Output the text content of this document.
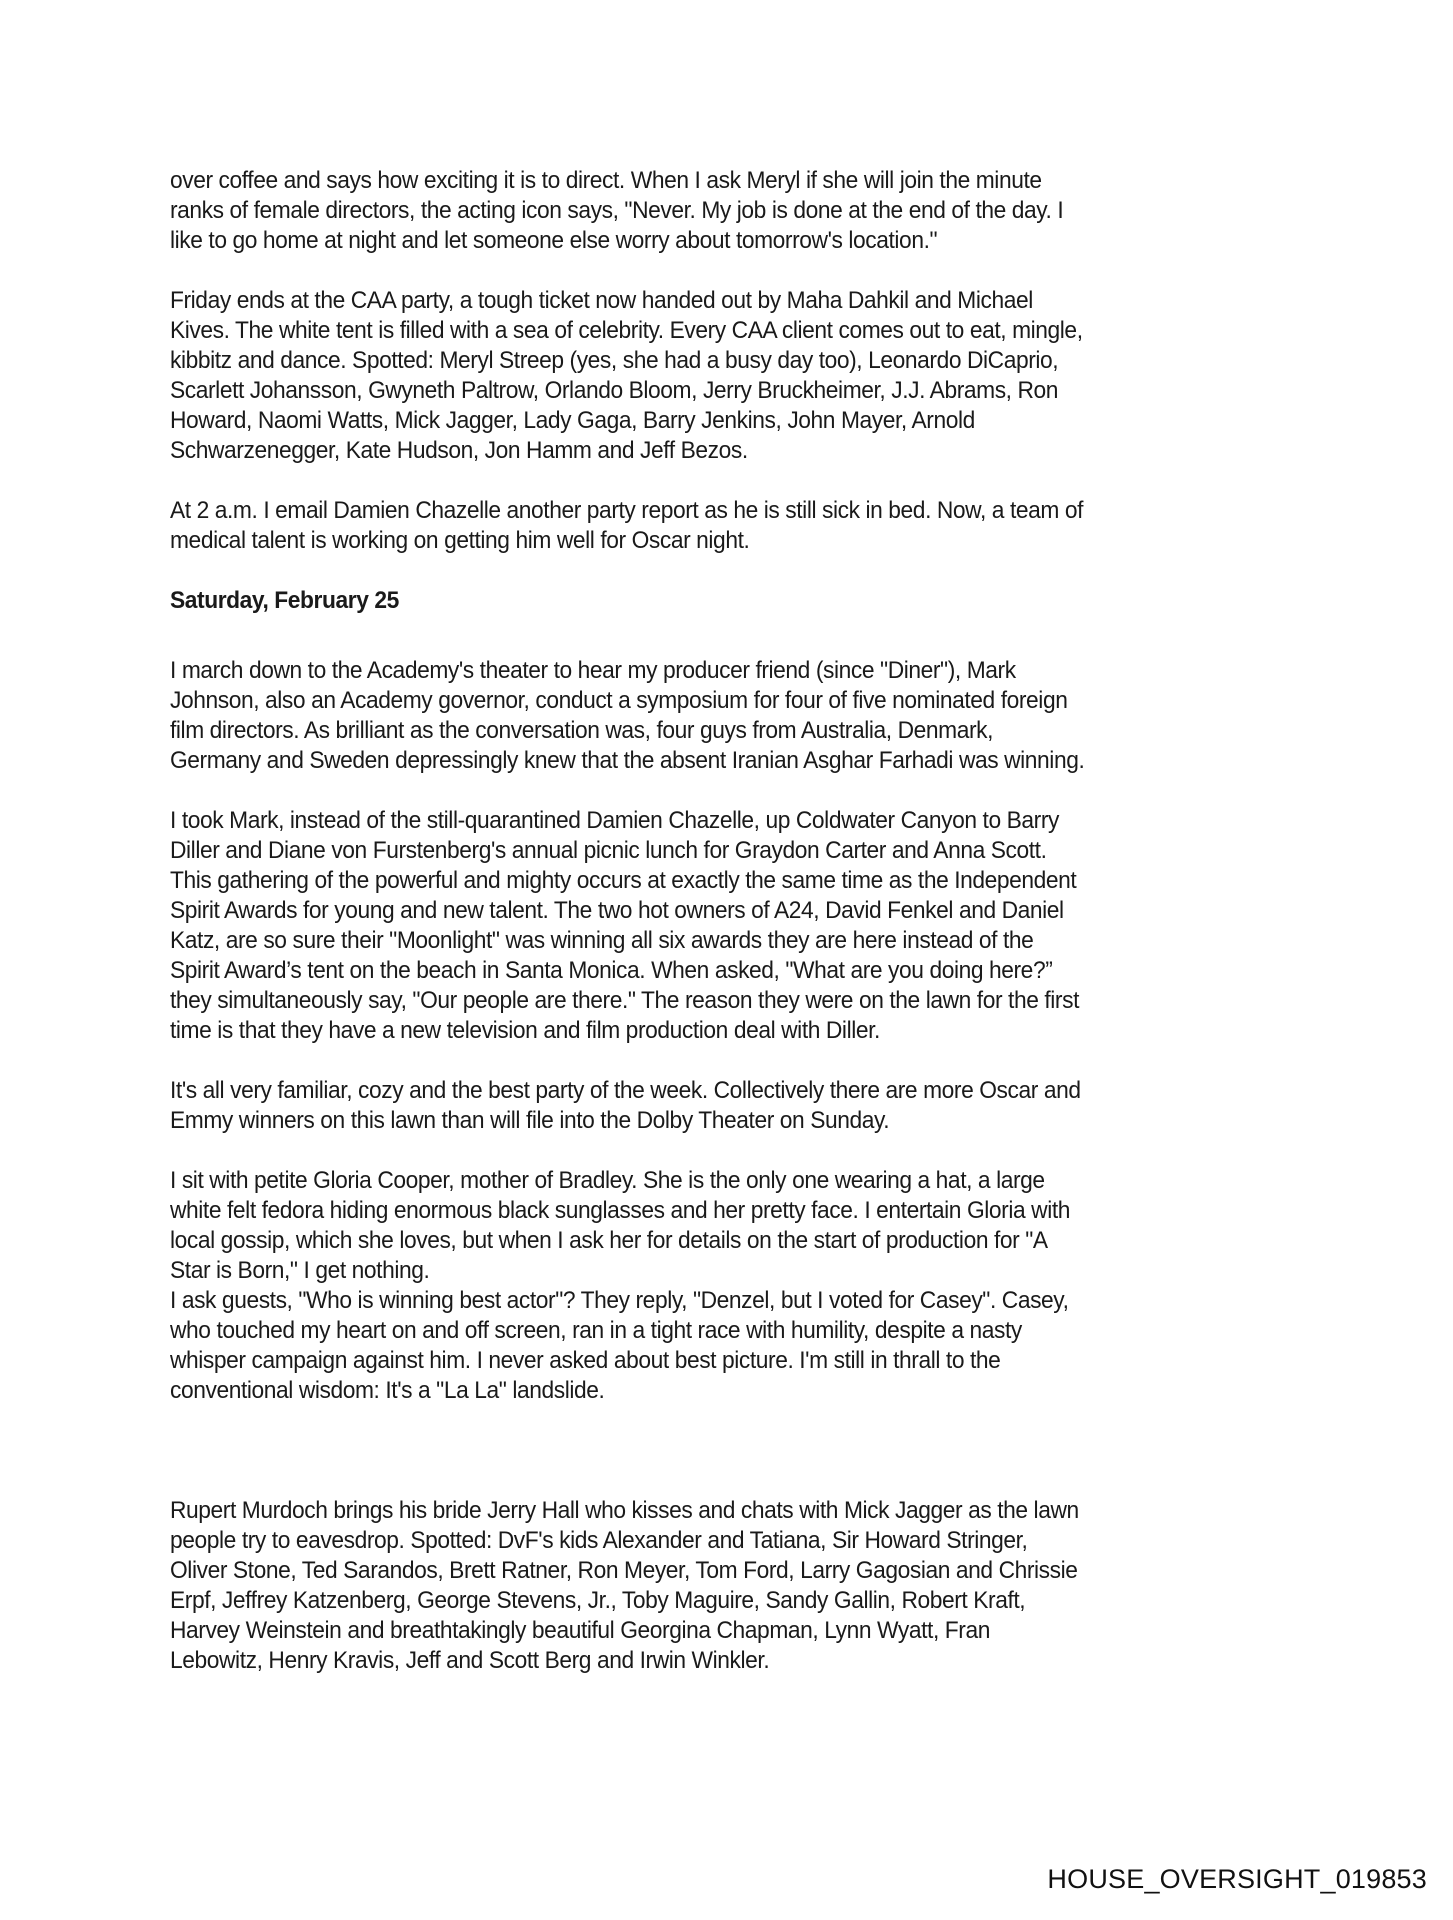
over coffee and says how exciting it is to direct. When I ask Meryl if she will join the minute
ranks of female directors, the acting icon says, "Never. My job is done at the end of the day. I
like to go home at night and let someone else worry about tomorrow's location."

Friday ends at the CAA party, a tough ticket now handed out by Maha Dahkil and Michael
Kives. The white tent is filled with a sea of celebrity. Every CAA client comes out to eat, mingle,
kibbitz and dance. Spotted: Meryl Streep (yes, she had a busy day too), Leonardo DiCaprio,
Scarlett Johansson, Gwyneth Paltrow, Orlando Bloom, Jerry Bruckheimer, J.J. Abrams, Ron
Howard, Naomi Watts, Mick Jagger, Lady Gaga, Barry Jenkins, John Mayer, Arnold
Schwarzenegger, Kate Hudson, Jon Hamm and Jeff Bezos.

At 2 a.m. I email Damien Chazelle another party report as he is still sick in bed. Now, a team of
medical talent is working on getting him well for Oscar night.

Saturday, February 25

I march down to the Academy's theater to hear my producer friend (since "Diner"), Mark
Johnson, also an Academy governor, conduct a symposium for four of five nominated foreign
film directors. As brilliant as the conversation was, four guys from Australia, Denmark,
Germany and Sweden depressingly knew that the absent Iranian Asghar Farhadi was winning.

I took Mark, instead of the still-quarantined Damien Chazelle, up Coldwater Canyon to Barry
Diller and Diane von Furstenberg's annual picnic lunch for Graydon Carter and Anna Scott.
This gathering of the powerful and mighty occurs at exactly the same time as the Independent
Spirit Awards for young and new talent. The two hot owners of A24, David Fenkel and Daniel
Katz, are so sure their "Moonlight" was winning all six awards they are here instead of the
Spirit Award’s tent on the beach in Santa Monica. When asked, "What are you doing here?”
they simultaneously say, "Our people are there." The reason they were on the lawn for the first
time is that they have a new television and film production deal with Diller.

It's all very familiar, cozy and the best party of the week. Collectively there are more Oscar and
Emmy winners on this lawn than will file into the Dolby Theater on Sunday.

I sit with petite Gloria Cooper, mother of Bradley. She is the only one wearing a hat, a large
white felt fedora hiding enormous black sunglasses and her pretty face. I entertain Gloria with
local gossip, which she loves, but when I ask her for details on the start of production for "A
Star is Born," I get nothing.

I ask guests, "Who is winning best actor"? They reply, "Denzel, but I voted for Casey". Casey,
who touched my heart on and off screen, ran in a tight race with humility, despite a nasty
whisper campaign against him. I never asked about best picture. I'm still in thrall to the
conventional wisdom: It's a "La La" landslide.

Rupert Murdoch brings his bride Jerry Hall who kisses and chats with Mick Jagger as the lawn
people try to eavesdrop. Spotted: DvF's kids Alexander and Tatiana, Sir Howard Stringer,
Oliver Stone, Ted Sarandos, Brett Ratner, Ron Meyer, Tom Ford, Larry Gagosian and Chrissie
Erpf, Jeffrey Katzenberg, George Stevens, Jr., Toby Maguire, Sandy Gallin, Robert Kraft,
Harvey Weinstein and breathtakingly beautiful Georgina Chapman, Lynn Wyatt, Fran
Lebowitz, Henry Kravis, Jeff and Scott Berg and Irwin Winkler.

HOUSE_OVERSIGHT_019853
